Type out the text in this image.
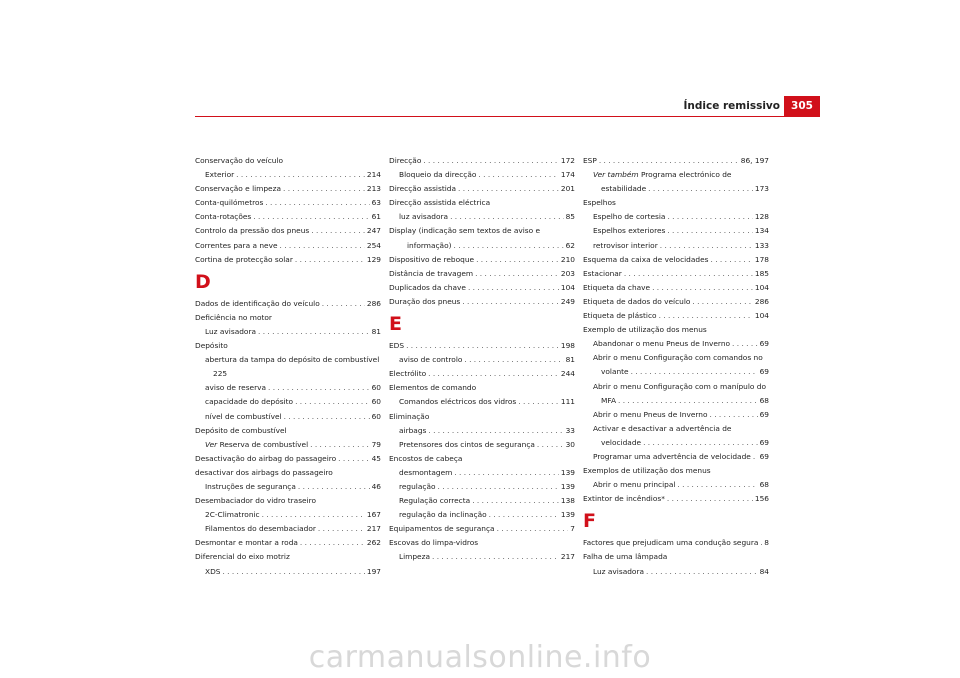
Índice remissivo	305
Conservação do veículo
Exterior . . .	214
Conservação e limpeza . . .	213
Conta-quilómetros . . .	63
Conta-rotações . . .	61
Controlo da pressão dos pneus . . .	247
Correntes para a neve . . .	254
Cortina de protecção solar . . .	129
D
Dados de identificação do veículo . . .	286
Deficiência no motor
Luz avisadora . . .	81
Depósito
abertura da tampa do depósito de combustível
225
aviso de reserva . . .	60
capacidade do depósito . . .	60
nível de combustível . . .	60
Depósito de combustível
Ver Reserva de combustível . . .	79
Desactivação do airbag do passageiro . . .	45
desactivar dos airbags do passageiro
Instruções de segurança . . .	46
Desembaciador do vidro traseiro
2C-Climatronic . . .	167
Filamentos do desembaciador . . .	217
Desmontar e montar a roda . . .	262
Diferencial do eixo motriz
XDS . . .	197
Direcção . . .	172
Bloqueio da direcção . . .	174
Direcção assistida . . .	201
Direcção assistida eléctrica
luz avisadora . . .	85
Display (indicação sem textos de aviso e
informação) . . .	62
Dispositivo de reboque . . .	210
Distância de travagem . . .	203
Duplicados da chave . . .	104
Duração dos pneus . . .	249
E
EDS . . .	198
aviso de controlo . . .	81
Electrólito . . .	244
Elementos de comando
Comandos eléctricos dos vidros . . .	111
Eliminação
airbags . . .	33
Pretensores dos cintos de segurança . . .	30
Encostos de cabeça
desmontagem . . .	139
regulação . . .	139
Regulação correcta . . .	138
regulação da inclinação . . .	139
Equipamentos de segurança . . .	7
Escovas do limpa-vidros
Limpeza . . .	217
ESP . . .	86, 197
Ver também Programa electrónico de
estabilidade . . .	173
Espelhos
Espelho de cortesia . . .	128
Espelhos exteriores . . .	134
retrovisor interior . . .	133
Esquema da caixa de velocidades . . .	178
Estacionar . . .	185
Etiqueta da chave . . .	104
Etiqueta de dados do veículo . . .	286
Etiqueta de plástico . . .	104
Exemplo de utilização dos menus
Abandonar o menu Pneus de Inverno . . .	69
Abrir o menu Configuração com comandos no
volante . . .	69
Abrir o menu Configuração com o manípulo do
MFA . . .	68
Abrir o menu Pneus de Inverno . . .	69
Activar e desactivar a advertência de
velocidade . . .	69
Programar uma advertência de velocidade . . . 69
Exemplos de utilização dos menus
Abrir o menu principal . . .	68
Extintor de incêndios* . . .	156
F
Factores que prejudicam uma condução segura . . . 8
Falha de uma lâmpada
Luz avisadora . . .	84
carmanualsonline.info
